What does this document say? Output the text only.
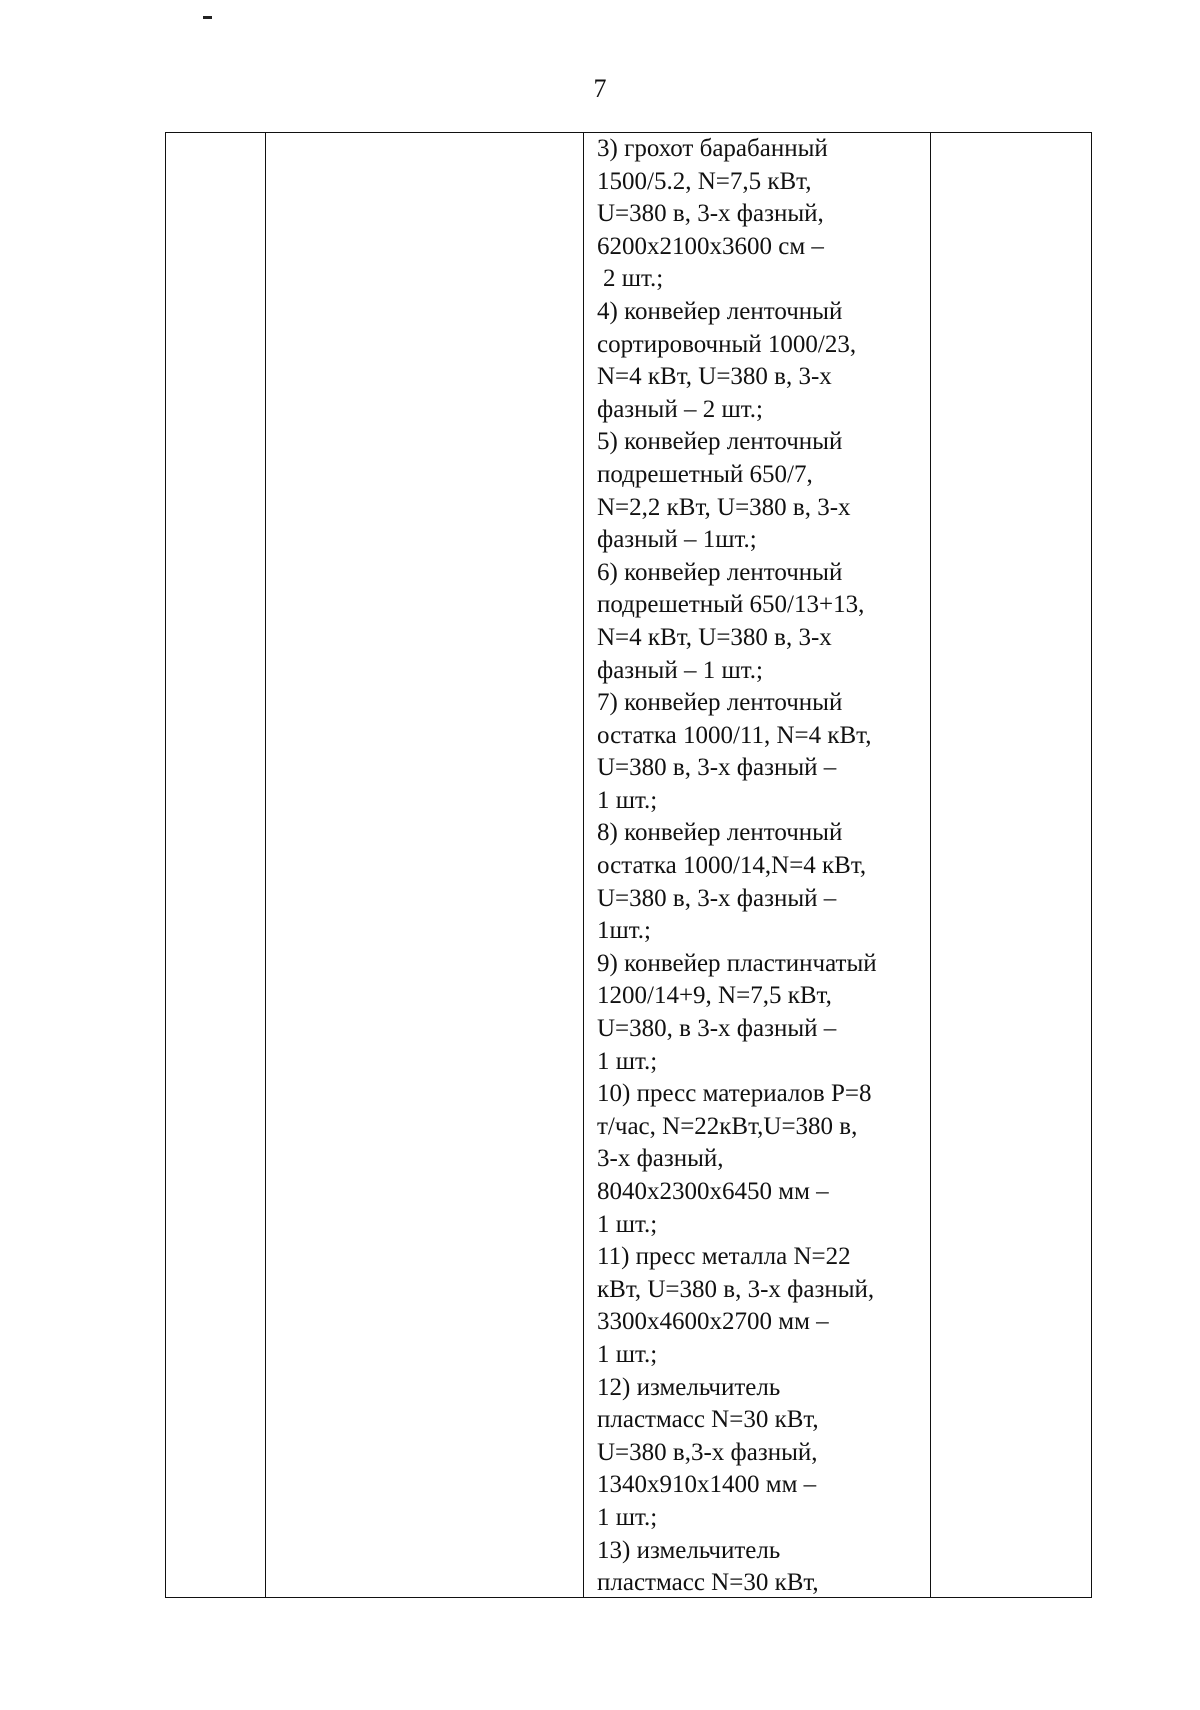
7
3) грохот барабанный
1500/5.2, N=7,5 кВт,
U=380 в, 3-х фазный,
6200x2100x3600 см –
2 шт.;
4) конвейер ленточный
сортировочный 1000/23,
N=4 кВт, U=380 в, 3-х
фазный – 2 шт.;
5) конвейер ленточный
подрешетный 650/7,
N=2,2 кВт, U=380 в, 3-х
фазный – 1шт.;
6) конвейер ленточный
подрешетный 650/13+13,
N=4 кВт, U=380 в, 3-х
фазный – 1 шт.;
7) конвейер ленточный
остатка 1000/11, N=4 кВт,
U=380 в, 3-х фазный –
1 шт.;
8) конвейер ленточный
остатка 1000/14,N=4 кВт,
U=380 в, 3-х фазный –
1шт.;
9) конвейер пластинчатый
1200/14+9, N=7,5 кВт,
U=380, в 3-х фазный –
1 шт.;
10) пресс материалов P=8
т/час, N=22кВт,U=380 в,
3-х фазный,
8040x2300x6450 мм –
1 шт.;
11) пресс металла N=22
кВт, U=380 в, 3-х фазный,
3300x4600x2700 мм –
1 шт.;
12) измельчитель
пластмасс N=30 кВт,
U=380 в,3-х фазный,
1340x910x1400 мм –
1 шт.;
13) измельчитель
пластмасс N=30 кВт,
